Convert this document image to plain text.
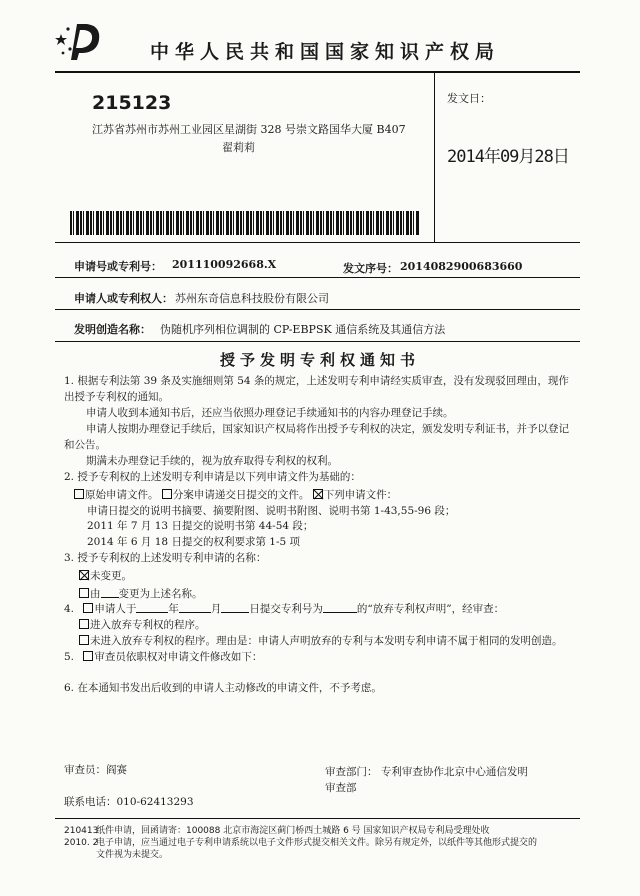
中华人民共和国国家知识产权局
215123
江苏省苏州市苏州工业园区星湖街 328 号崇文路国华大厦 B407
翟莉莉
发文日：
2014年09月28日
申请号或专利号： 201110092668.X	发文序号： 2014082900683660
申请人或专利权人： 苏州东奇信息科技股份有限公司
发明创造名称： 伪随机序列相位调制的 CP-EBPSK 通信系统及其通信方法
授予发明专利权通知书
1. 根据专利法第 39 条及实施细则第 54 条的规定，上述发明专利申请经实质审查，没有发现驳回理由，现作
出授予专利权的通知。
申请人收到本通知书后，还应当依照办理登记手续通知书的内容办理登记手续。
申请人按期办理登记手续后，国家知识产权局将作出授予专利权的决定，颁发发明专利证书，并予以登记
和公告。
期满未办理登记手续的，视为放弃取得专利权的权利。
2. 授予专利权的上述发明专利申请是以下列申请文件为基础的：
原始申请文件。 分案申请递交日提交的文件。 下列申请文件：
申请日提交的说明书摘要、摘要附图、说明书附图、说明书第 1-43,55-96 段；
2011 年 7 月 13 日提交的说明书第 44-54 段；
2014 年 6 月 18 日提交的权利要求第 1-5 项
3. 授予专利权的上述发明专利申请的名称：
未变更。
由 变更为上述名称。
4. 申请人于	年	月	日提交专利号为	的“放弃专利权声明”，经审查：
进入放弃专利权的程序。
未进入放弃专利权的程序。理由是：申请人声明放弃的专利与本发明专利申请不属于相同的发明创造。
5. 审查员依职权对申请文件修改如下：
6. 在本通知书发出后收到的申请人主动修改的申请文件，不予考虑。
审查员：阎赛	审查部门： 专利审查协作北京中心通信发明
审查部
联系电话：010-62413293
210413
2010. 2
纸件申请，回函请寄：100088 北京市海淀区蓟门桥西土城路 6 号 国家知识产权局专利局受理处收
电子申请，应当通过电子专利申请系统以电子文件形式提交相关文件。除另有规定外，以纸件等其他形式提交的
文件视为未提交。
